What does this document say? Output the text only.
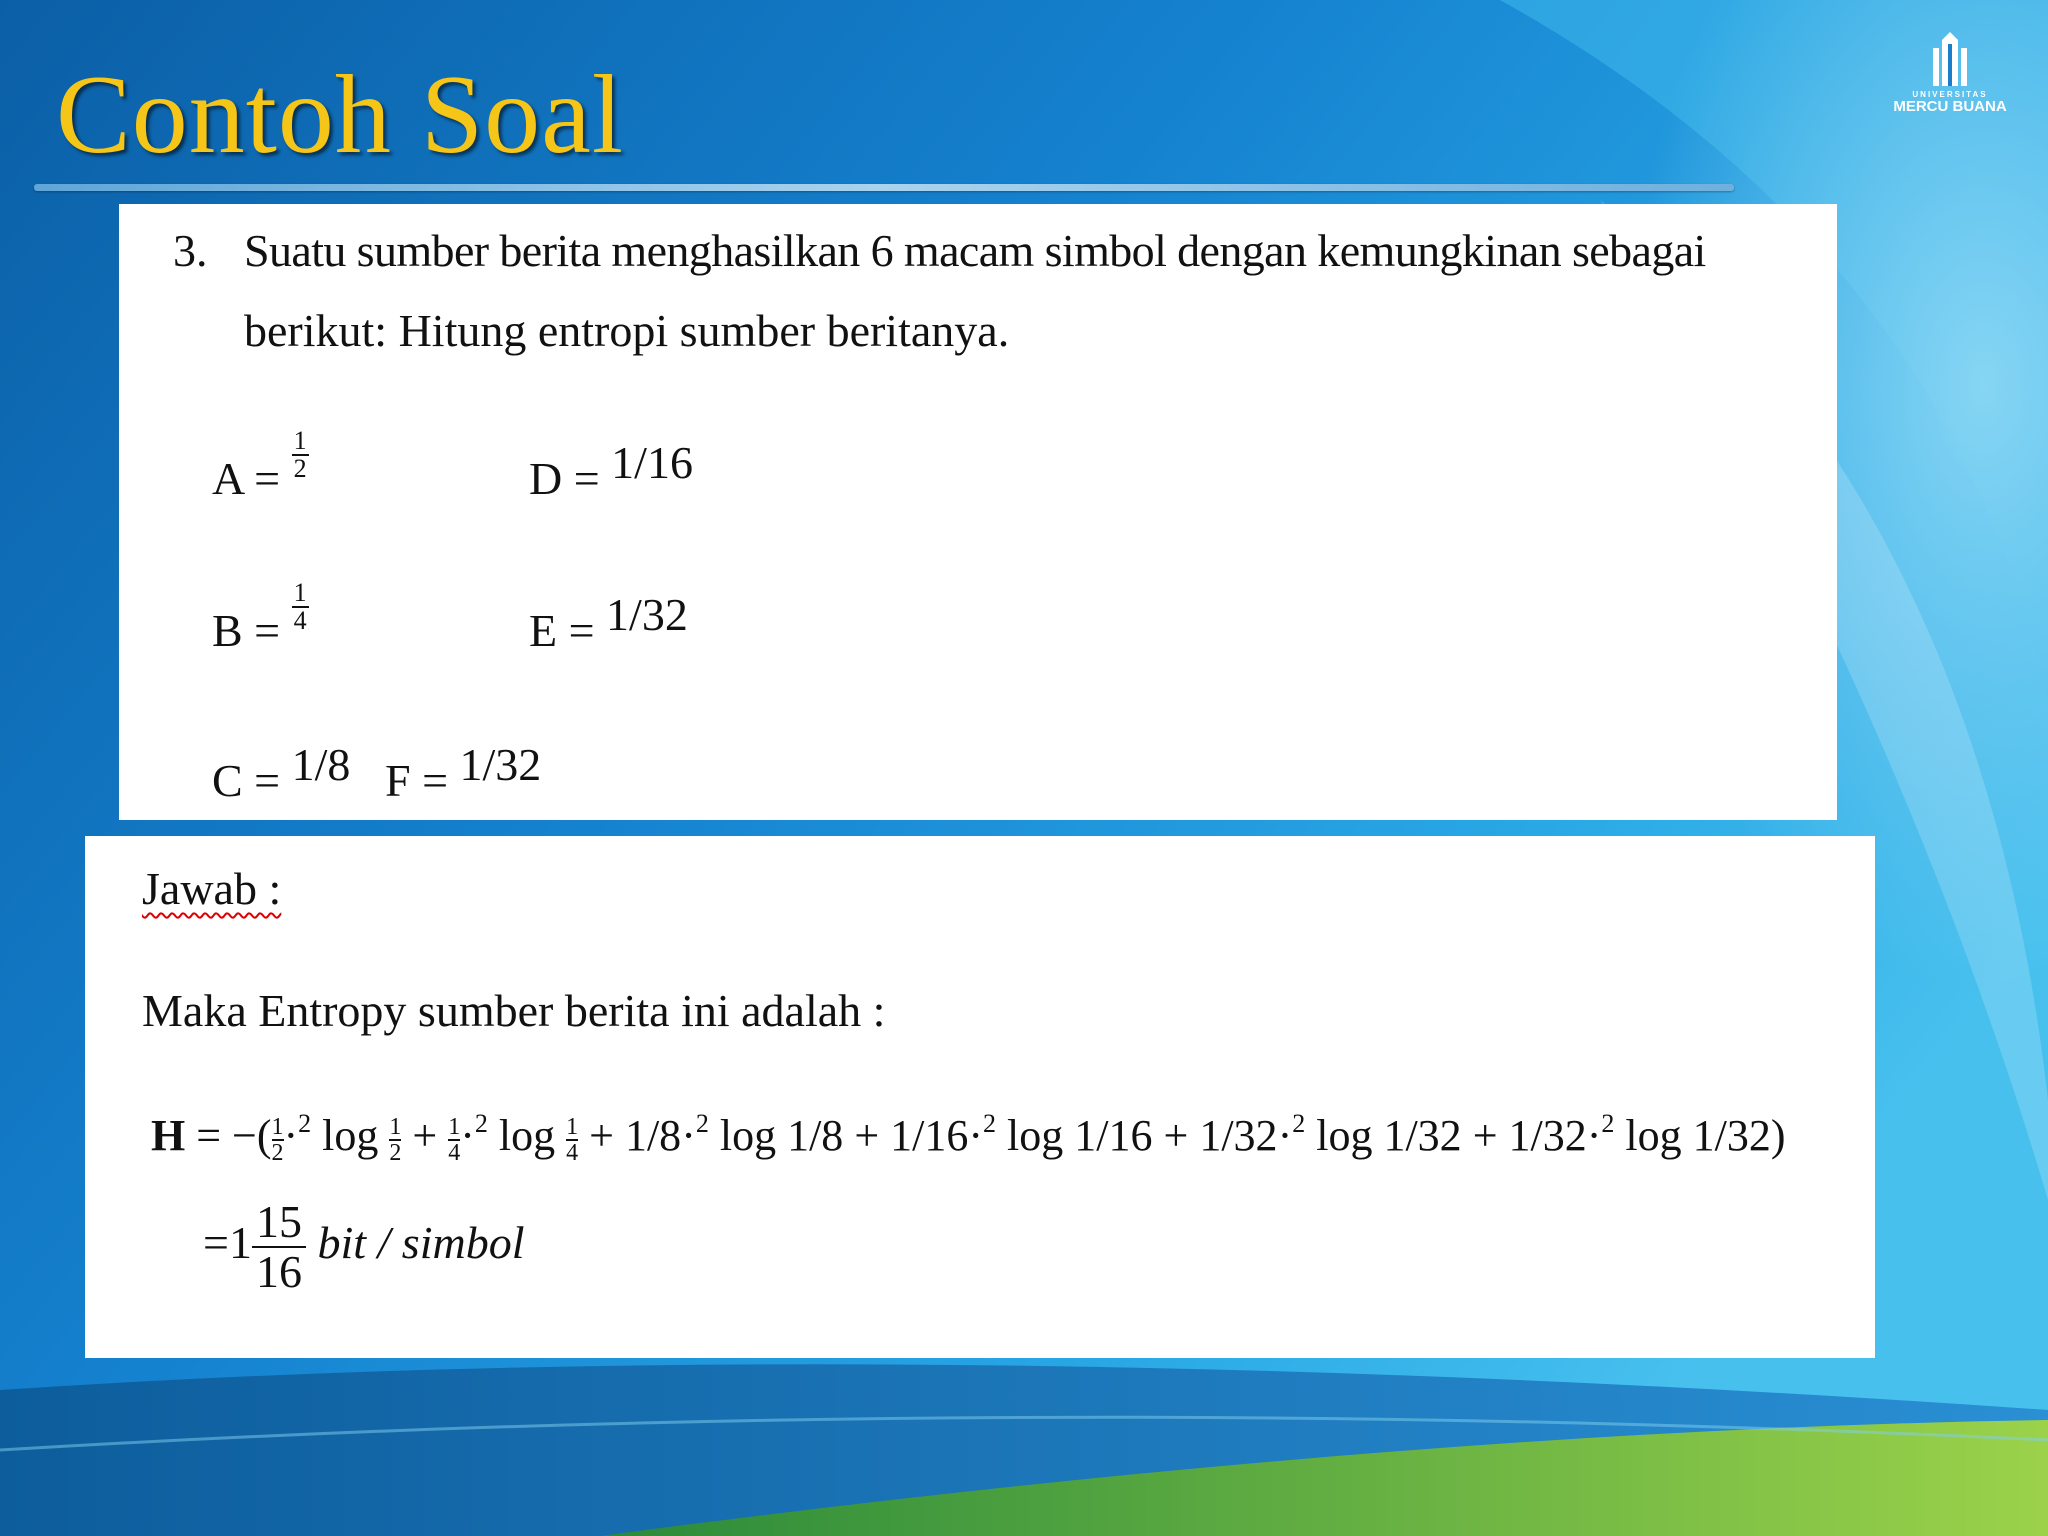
Contoh Soal	UNIVERSITAS
MERCU BUANA
3. Suatu sumber berita menghasilkan 6 macam simbol dengan kemungkinan sebagai
berikut: Hitung entropi sumber beritanya.
$A = \frac{1}{2}$
$B = \frac{1}{4}$
C = 1/8
D = 1/16
E = 1/32
F = 1/32
Jawab :
Maka Entropy sumber berita ini adalah :
H = −( $\frac{1}{2} \cdot^2$ $\log \frac{1}{2} + \frac{1}{4} \cdot^2$ $\log \frac{1}{4} + 1/8\cdot^2$ log 1/8 + 1/16·$^2$ log 1/16 + 1/32·$^2$ log 1/32 + 1/32·$^2$ log 1/32)
$=1 \frac{15}{16}$ bit / simbol
